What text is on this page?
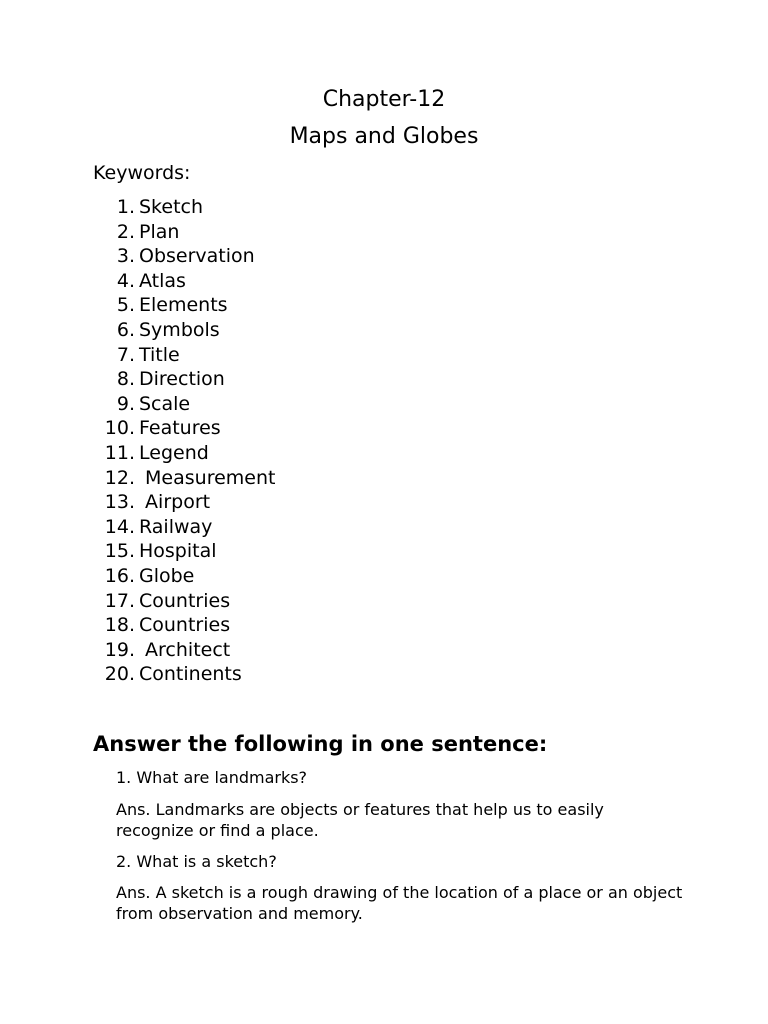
Chapter-12
Maps and Globes
Keywords:
1. Sketch
2. Plan
3. Observation
4. Atlas
5. Elements
6. Symbols
7. Title
8. Direction
9. Scale
10. Features
11. Legend
12. Measurement
13. Airport
14. Railway
15. Hospital
16. Globe
17. Countries
18. Countries
19. Architect
20. Continents
Answer the following in one sentence:
1. What are landmarks?
Ans. Landmarks are objects or features that help us to easily recognize or find a place.
2. What is a sketch?
Ans. A sketch is a rough drawing of the location of a place or an object from observation and memory.
